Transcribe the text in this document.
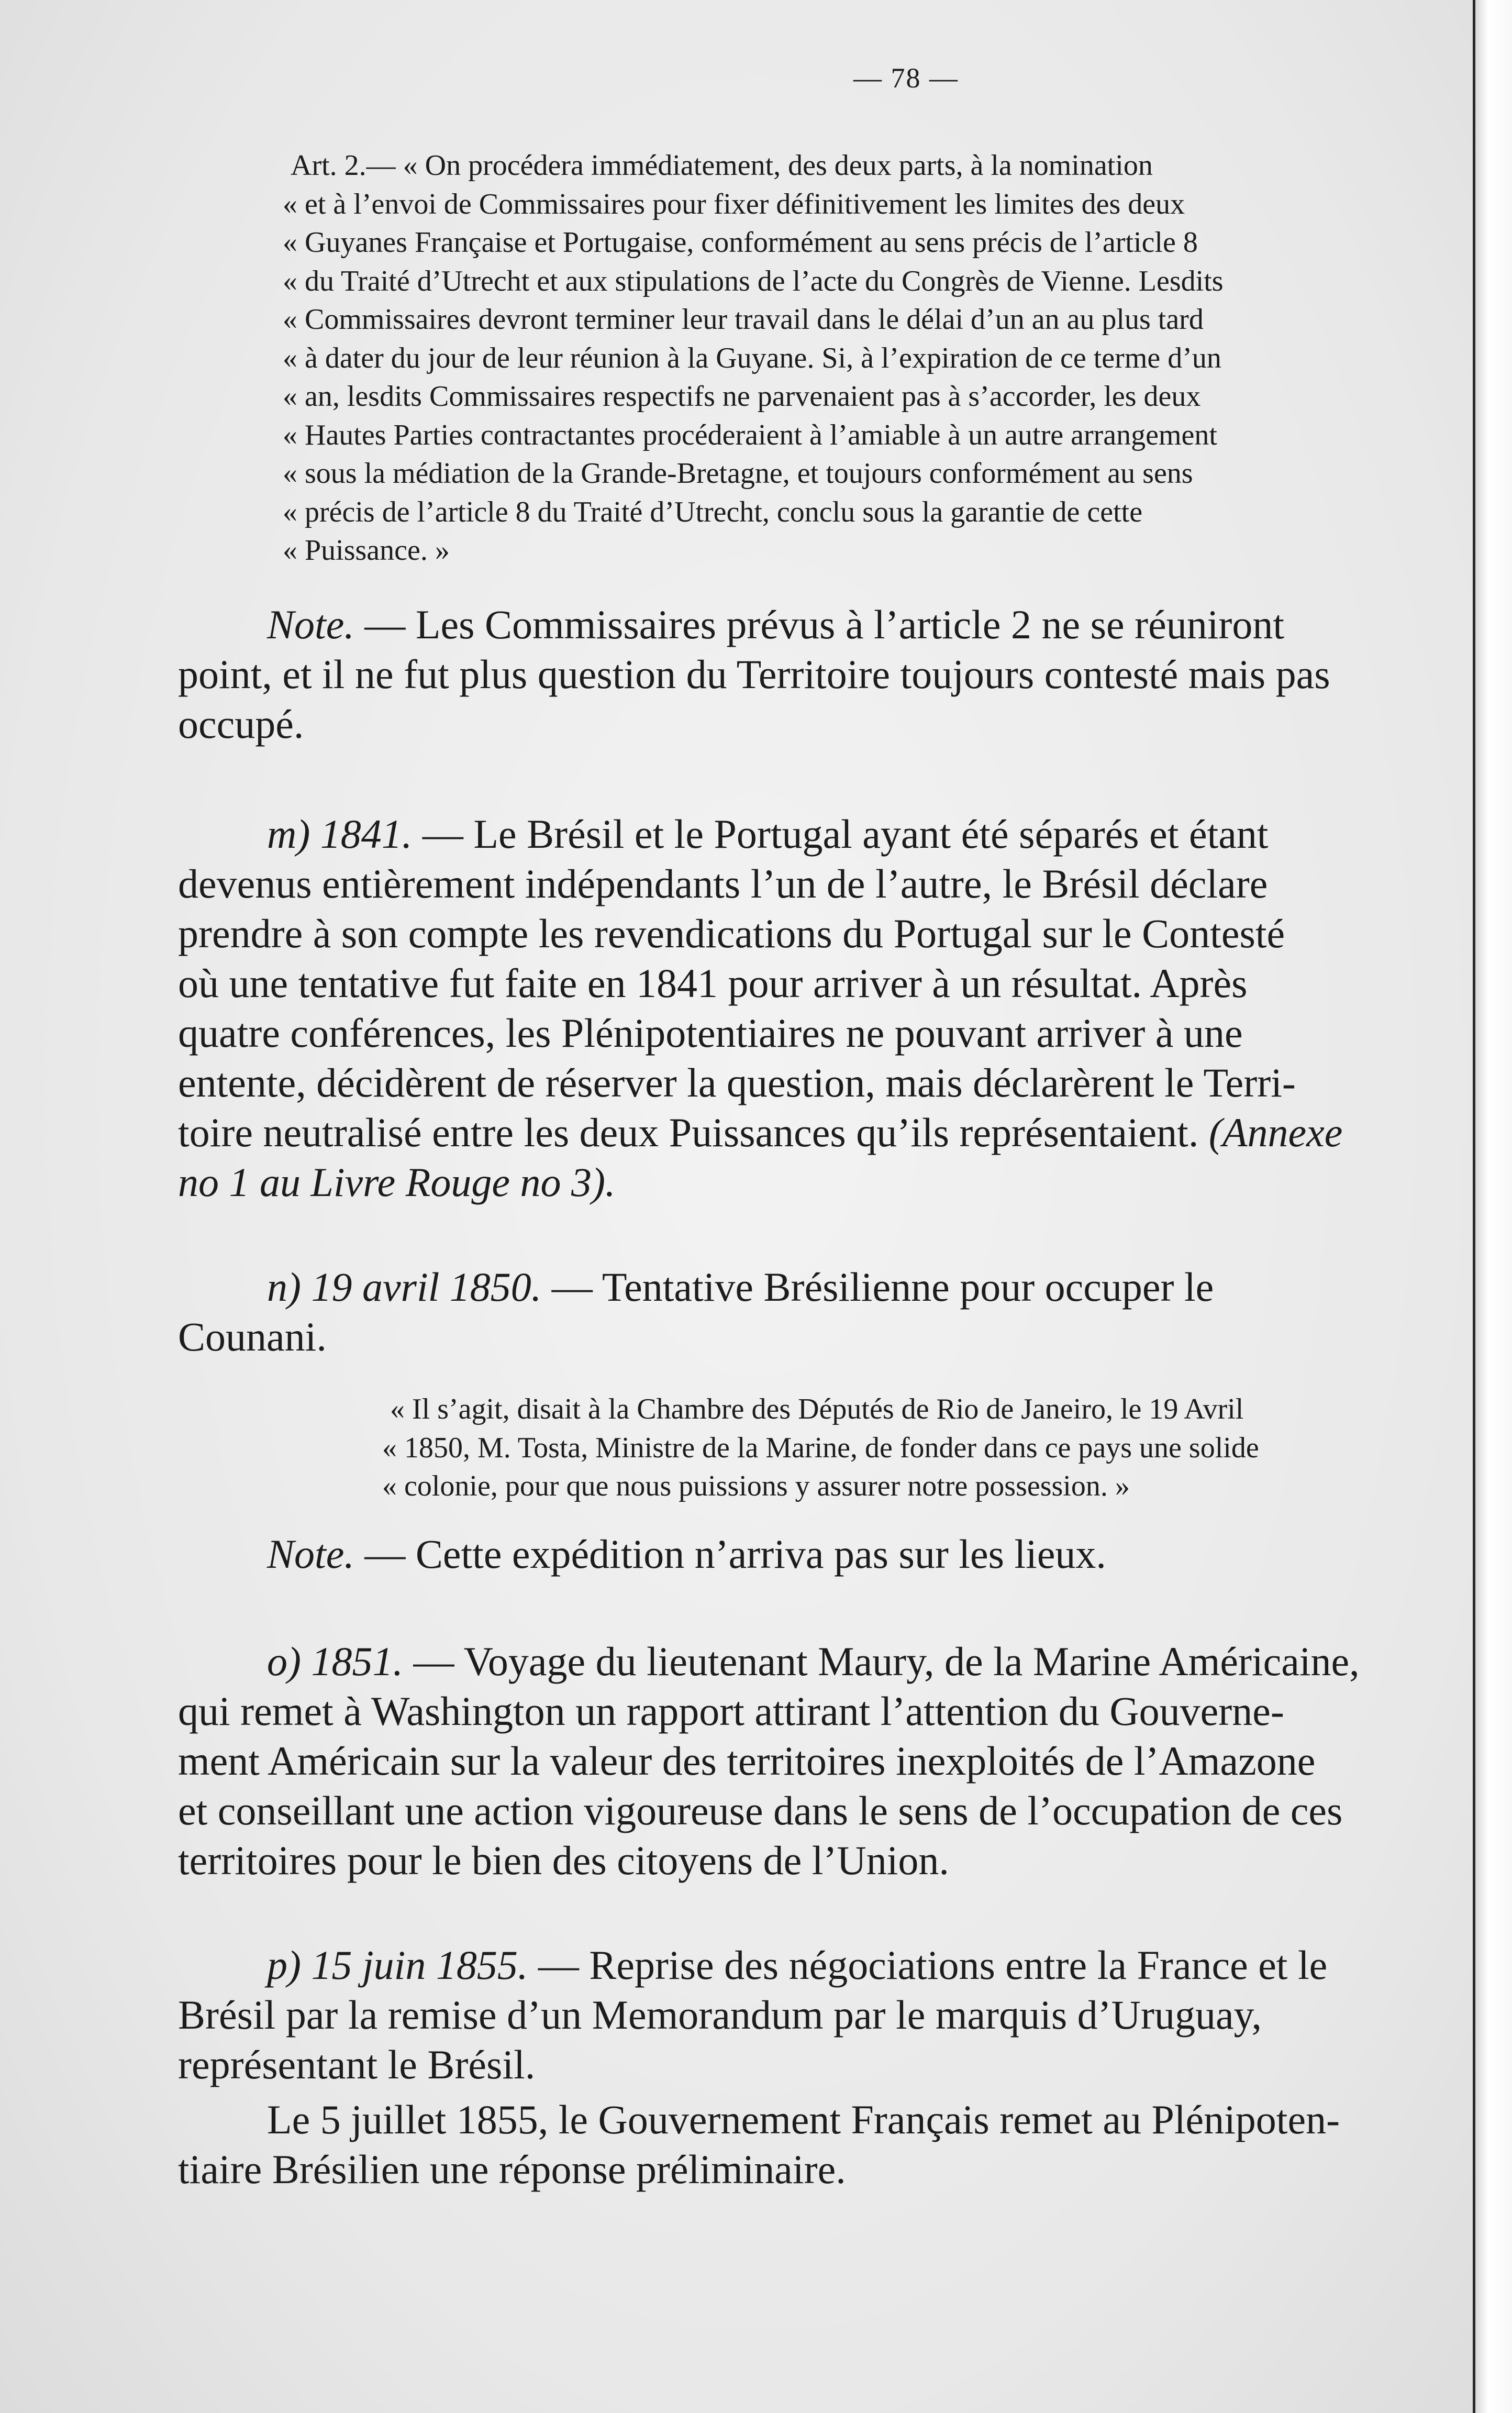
— 78 —

Art. 2.— « On procédera immédiatement, des deux parts, à la nomination

« et à l’envoi de Commissaires pour fixer définitivement les limites des deux

« Guyanes Française et Portugaise, conformément au sens précis de l’article 8

« du Traité d’Utrecht et aux stipulations de l’acte du Congrès de Vienne. Lesdits

« Commissaires devront terminer leur travail dans le délai d’un an au plus tard

« à dater du jour de leur réunion à la Guyane. Si, à l’expiration de ce terme d’un

« an, lesdits Commissaires respectifs ne parvenaient pas à s’accorder, les deux

« Hautes Parties contractantes procéderaient à l’amiable à un autre arrangement

« sous la médiation de la Grande-Bretagne, et toujours conformément au sens

« précis de l’article 8 du Traité d’Utrecht, conclu sous la garantie de cette

« Puissance. »

Note. — Les Commissaires prévus à l’article 2 ne se réuniront
point, et il ne fut plus question du Territoire toujours contesté mais pas
occupé.
m) 1841. — Le Brésil et le Portugal ayant été séparés et étant
devenus entièrement indépendants l’un de l’autre, le Brésil déclare
prendre à son compte les revendications du Portugal sur le Contesté
où une tentative fut faite en 1841 pour arriver à un résultat. Après
quatre conférences, les Plénipotentiaires ne pouvant arriver à une
entente, décidèrent de réserver la question, mais déclarèrent le Terri-
toire neutralisé entre les deux Puissances qu’ils représentaient. (Annexe
no 1 au Livre Rouge no 3).
n) 19 avril 1850. — Tentative Brésilienne pour occuper le
Counani.

« Il s’agit, disait à la Chambre des Députés de Rio de Janeiro, le 19 Avril

« 1850, M. Tosta, Ministre de la Marine, de fonder dans ce pays une solide

« colonie, pour que nous puissions y assurer notre possession. »

Note. — Cette expédition n’arriva pas sur les lieux.
o) 1851. — Voyage du lieutenant Maury, de la Marine Américaine,
qui remet à Washington un rapport attirant l’attention du Gouverne-
ment Américain sur la valeur des territoires inexploités de l’Amazone
et conseillant une action vigoureuse dans le sens de l’occupation de ces
territoires pour le bien des citoyens de l’Union.
p) 15 juin 1855. — Reprise des négociations entre la France et le
Brésil par la remise d’un Memorandum par le marquis d’Uruguay,
représentant le Brésil.
Le 5 juillet 1855, le Gouvernement Français remet au Plénipoten-
tiaire Brésilien une réponse préliminaire.
